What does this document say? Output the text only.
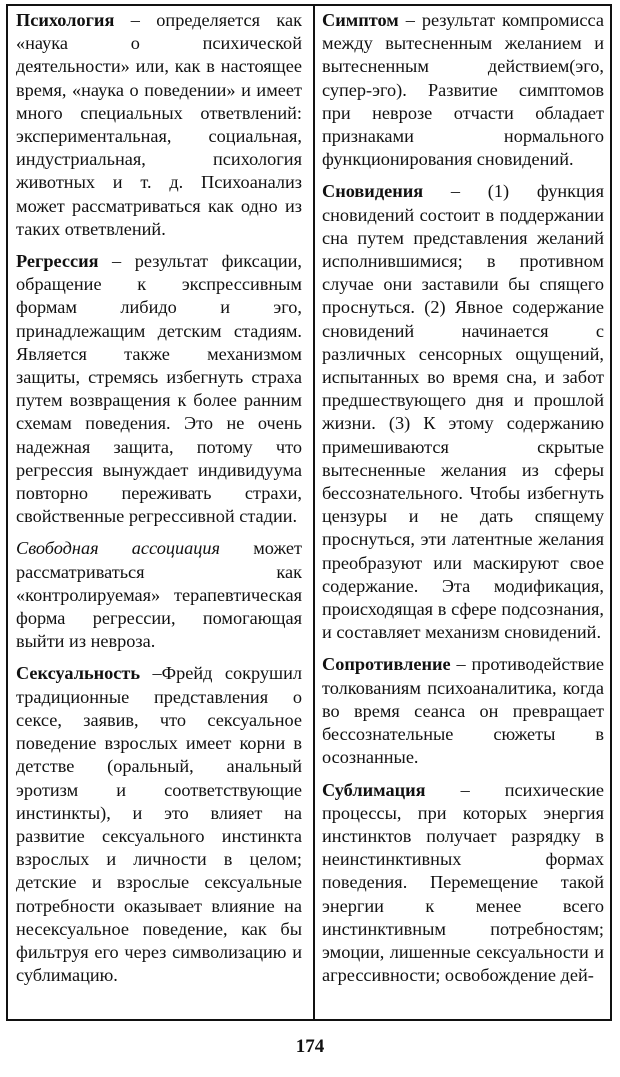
Психология – определяется как «наука о психической деятельности» или, как в настоящее время, «наука о поведении» и имеет много специальных ответвлений: экспериментальная, социальная, индустриальная, психология животных и т. д. Психоанализ может рассматриваться как одно из таких ответвлений.

Регрессия – результат фиксации, обращение к экспрессивным формам либидо и эго, принадлежащим детским стадиям. Является также механизмом защиты, стремясь избегнуть страха путем возвращения к более ранним схемам поведения. Это не очень надежная защита, потому что регрессия вынуждает индивидуума повторно переживать страхи, свойственные регрессивной стадии.

Свободная ассоциация может рассматриваться как «контролируемая» терапевтическая форма регрессии, помогающая выйти из невроза.

Сексуальность –Фрейд сокрушил традиционные представления о сексе, заявив, что сексуальное поведение взрослых имеет корни в детстве (оральный, анальный эротизм и соответствующие инстинкты), и это влияет на развитие сексуального инстинкта взрослых и личности в целом; детские и взрослые сексуальные потребности оказывает влияние на несексуальное поведение, как бы фильтруя его через символизацию и сублимацию.

Симптом – результат компромисса между вытесненным желанием и вытесненным действием(эго, супер-эго). Развитие симптомов при неврозе отчасти обладает признаками нормального функционирования сновидений.

Сновидения – (1) функция сновидений состоит в поддержании сна путем представления желаний исполнившимися; в противном случае они заставили бы спящего проснуться. (2) Явное содержание сновидений начинается с различных сенсорных ощущений, испытанных во время сна, и забот предшествующего дня и прошлой жизни. (3) К этому содержанию примешиваются скрытые вытесненные желания из сферы бессознательного. Чтобы избегнуть цензуры и не дать спящему проснуться, эти латентные желания преобразуют или маскируют свое содержание. Эта модификация, происходящая в сфере подсознания, и составляет механизм сновидений.

Сопротивление – противодействие толкованиям психоаналитика, когда во время сеанса он превращает бессознательные сюжеты в осознанные.

Сублимация – психические процессы, при которых энергия инстинктов получает разрядку в неинстинктивных формах поведения. Перемещение такой энергии к менее всего инстинктивным потребностям; эмоции, лишенные сексуальности и агрессивности; освобождение дей-

174
